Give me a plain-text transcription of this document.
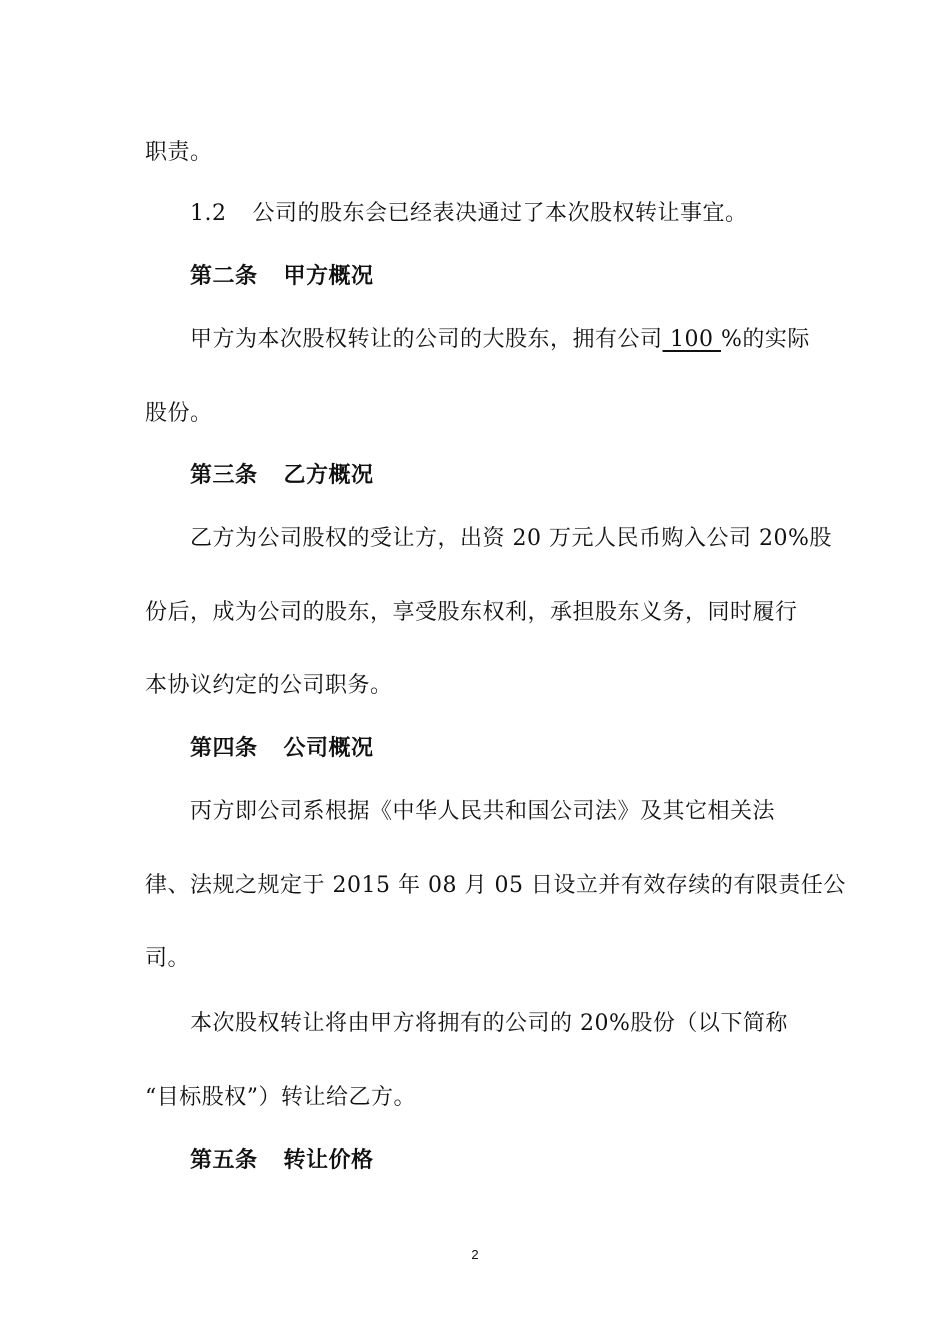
职责。
1.2 公司的股东会已经表决通过了本次股权转让事宜。
第二条 甲方概况
甲方为本次股权转让的公司的大股东，拥有公司 100 %的实际
股份。
第三条 乙方概况
乙方为公司股权的受让方，出资 20 万元人民币购入公司 20%股
份后，成为公司的股东，享受股东权利，承担股东义务，同时履行
本协议约定的公司职务。
第四条 公司概况
丙方即公司系根据《中华人民共和国公司法》及其它相关法
律、法规之规定于 2015 年 08 月 05 日设立并有效存续的有限责任公
司。
本次股权转让将由甲方将拥有的公司的 20%股份（以下简称
“目标股权”）转让给乙方。
第五条 转让价格
2
